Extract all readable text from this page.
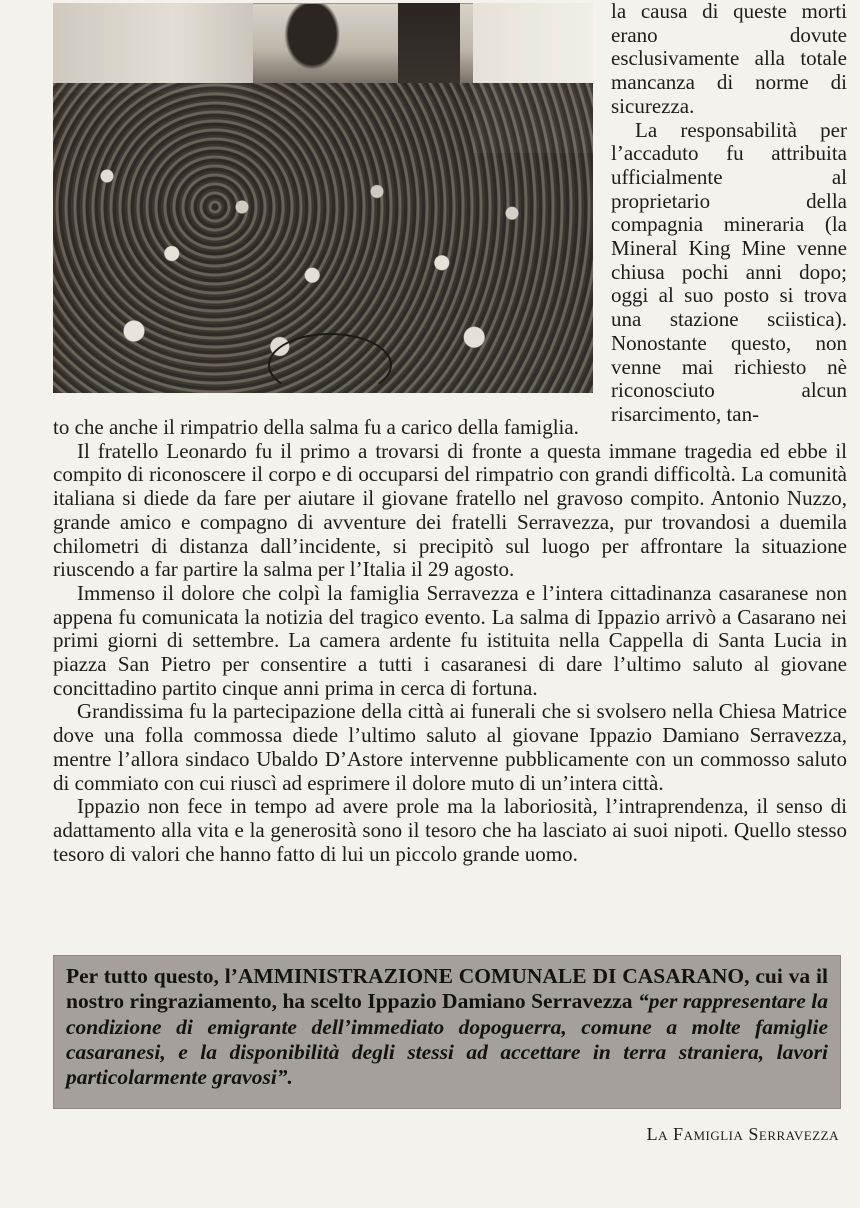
la causa di queste morti erano dovute esclusivamente alla totale mancanza di norme di sicurezza.

La responsabilità per l’accaduto fu attribuita ufficialmente al proprietario della compagnia mineraria (la Mineral King Mine venne chiusa pochi anni dopo; oggi al suo posto si trova una stazione sciistica). Nonostante questo, non venne mai richiesto nè riconosciuto alcun risarcimento, tan-

to che anche il rimpatrio della salma fu a carico della famiglia.

Il fratello Leonardo fu il primo a trovarsi di fronte a questa immane tragedia ed ebbe il compito di riconoscere il corpo e di occuparsi del rimpatrio con grandi difficoltà. La comunità italiana si diede da fare per aiutare il giovane fratello nel gravoso compito. Antonio Nuzzo, grande amico e compagno di avventure dei fratelli Serravezza, pur trovandosi a duemila chilometri di distanza dall’incidente, si precipitò sul luogo per affrontare la situazione riuscendo a far partire la salma per l’Italia il 29 agosto.

Immenso il dolore che colpì la famiglia Serravezza e l’intera cittadinanza casaranese non appena fu comunicata la notizia del tragico evento. La salma di Ippazio arrivò a Casarano nei primi giorni di settembre. La camera ardente fu istituita nella Cappella di Santa Lucia in piazza San Pietro per consentire a tutti i casaranesi di dare l’ultimo saluto al giovane concittadino partito cinque anni prima in cerca di fortuna.

Grandissima fu la partecipazione della città ai funerali che si svolsero nella Chiesa Matrice dove una folla commossa diede l’ultimo saluto al giovane Ippazio Damiano Serravezza, mentre l’allora sindaco Ubaldo D’Astore intervenne pubblicamente con un commosso saluto di commiato con cui riuscì ad esprimere il dolore muto di un’intera città.

Ippazio non fece in tempo ad avere prole ma la laboriosità, l’intraprendenza, il senso di adattamento alla vita e la generosità sono il tesoro che ha lasciato ai suoi nipoti. Quello stesso tesoro di valori che hanno fatto di lui un piccolo grande uomo.

Per tutto questo, l’AMMINISTRAZIONE COMUNALE DI CASARANO, cui va il nostro ringraziamento, ha scelto Ippazio Damiano Serravezza “per rappresentare la condizione di emigrante dell’immediato dopoguerra, comune a molte famiglie casaranesi, e la disponibilità degli stessi ad accettare in terra straniera, lavori particolarmente gravosi”.
La Famiglia Serravezza
